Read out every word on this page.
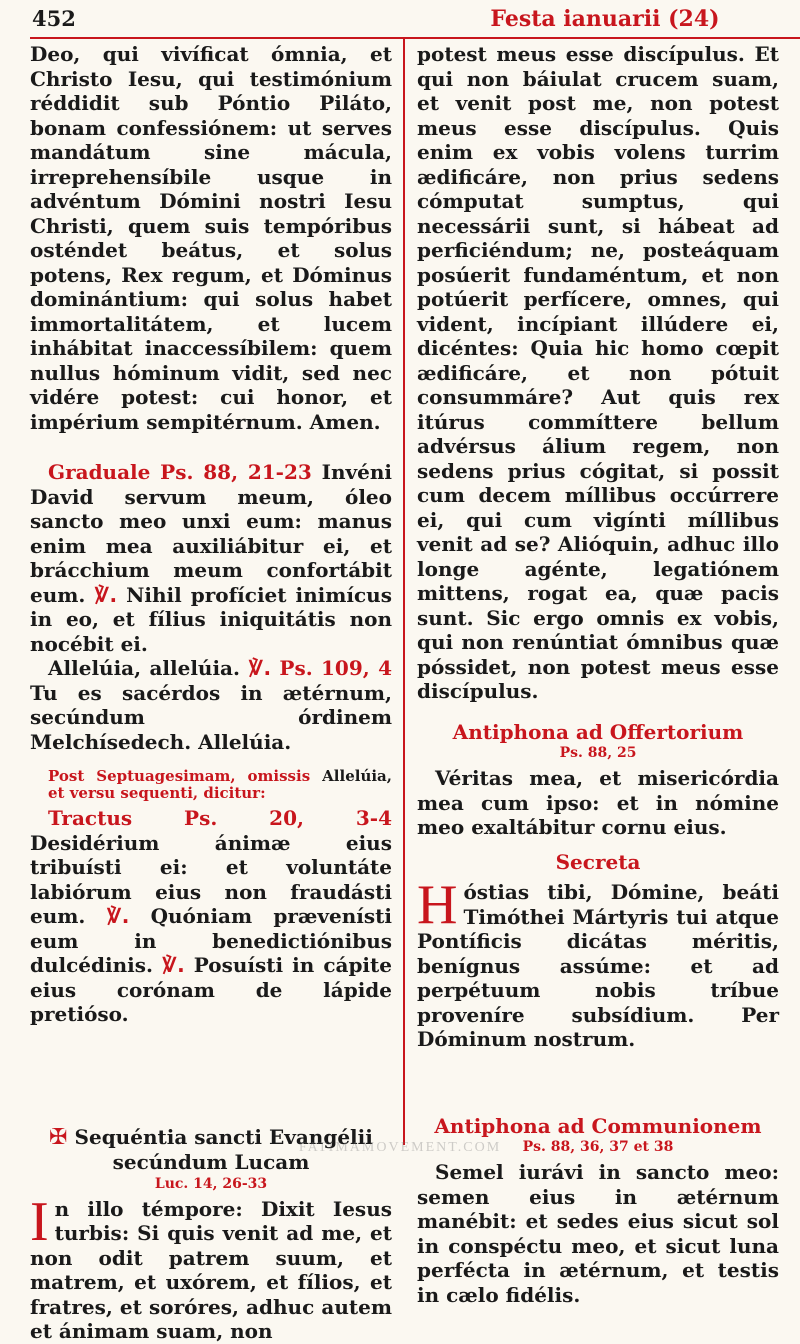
452	Festa ianuarii (24)

Deo, qui vivíficat ómnia, et Christo Iesu, qui testimónium réddidit sub Póntio Piláto, bonam confessiónem: ut serves mandátum sine mácula, irreprehensíbile usque in advéntum Dómini nostri Iesu Christi, quem suis tempóribus osténdet beátus, et solus potens, Rex regum, et Dóminus dominántium: qui solus habet immortalitátem, et lucem inhábitat inaccessíbilem: quem nullus hóminum vidit, sed nec vidére potest: cui honor, et impérium sempitérnum. Amen.

Graduale Ps. 88, 21-23 Invéni David servum meum, óleo sancto meo unxi eum: manus enim mea auxiliábitur ei, et brácchium meum confortábit eum. ℣. Nihil profíciet inimícus in eo, et fílius iniquitátis non nocébit ei.

Allelúia, allelúia. ℣. Ps. 109, 4 Tu es sacérdos in ætérnum, secúndum órdinem Melchísedech. Allelúia.

Post Septuagesimam, omissis Allelúia, et versu sequenti, dicitur:

Tractus Ps. 20, 3-4 Desidérium ánimæ eius tribuísti ei: et voluntáte labiórum eius non fraudásti eum. ℣. Quóniam prævenísti eum in benedictiónibus dulcédinis. ℣. Posuísti in cápite eius corónam de lápide pretióso.

✠ Sequéntia sancti Evangélii secúndum Lucam

Luc. 14, 26-33

In illo témpore: Dixit Iesus turbis: Si quis venit ad me, et non odit patrem suum, et matrem, et uxórem, et fílios, et fratres, et soróres, adhuc autem et ánimam suam, non

potest meus esse discípulus. Et qui non báiulat crucem suam, et venit post me, non potest meus esse discípulus. Quis enim ex vobis volens turrim ædificáre, non prius sedens cómputat sumptus, qui necessárii sunt, si hábeat ad perficiéndum; ne, posteáquam posúerit fundaméntum, et non potúerit perfícere, omnes, qui vident, incípiant illúdere ei, dicéntes: Quia hic homo cœpit ædificáre, et non pótuit consummáre? Aut quis rex itúrus commíttere bellum advérsus álium regem, non sedens prius cógitat, si possit cum decem míllibus occúrrere ei, qui cum vigínti míllibus venit ad se? Alióquin, adhuc illo longe agénte, legatiónem mittens, rogat ea, quæ pacis sunt. Sic ergo omnis ex vobis, qui non renúntiat ómnibus quæ póssidet, non potest meus esse discípulus.

Antiphona ad Offertorium

Ps. 88, 25

Véritas mea, et misericórdia mea cum ipso: et in nómine meo exaltábitur cornu eius.

Secreta

Hóstias tibi, Dómine, beáti Timóthei Mártyris tui atque Pontíficis dicátas méritis, benígnus assúme: et ad perpétuum nobis tríbue proveníre subsídium. Per Dóminum nostrum.

Antiphona ad Communionem

Ps. 88, 36, 37 et 38

Semel iurávi in sancto meo: semen eius in ætérnum manébit: et sedes eius sicut sol in conspéctu meo, et sicut luna perfécta in ætérnum, et testis in cælo fidélis.

FATIMAMOVEMENT.COM
